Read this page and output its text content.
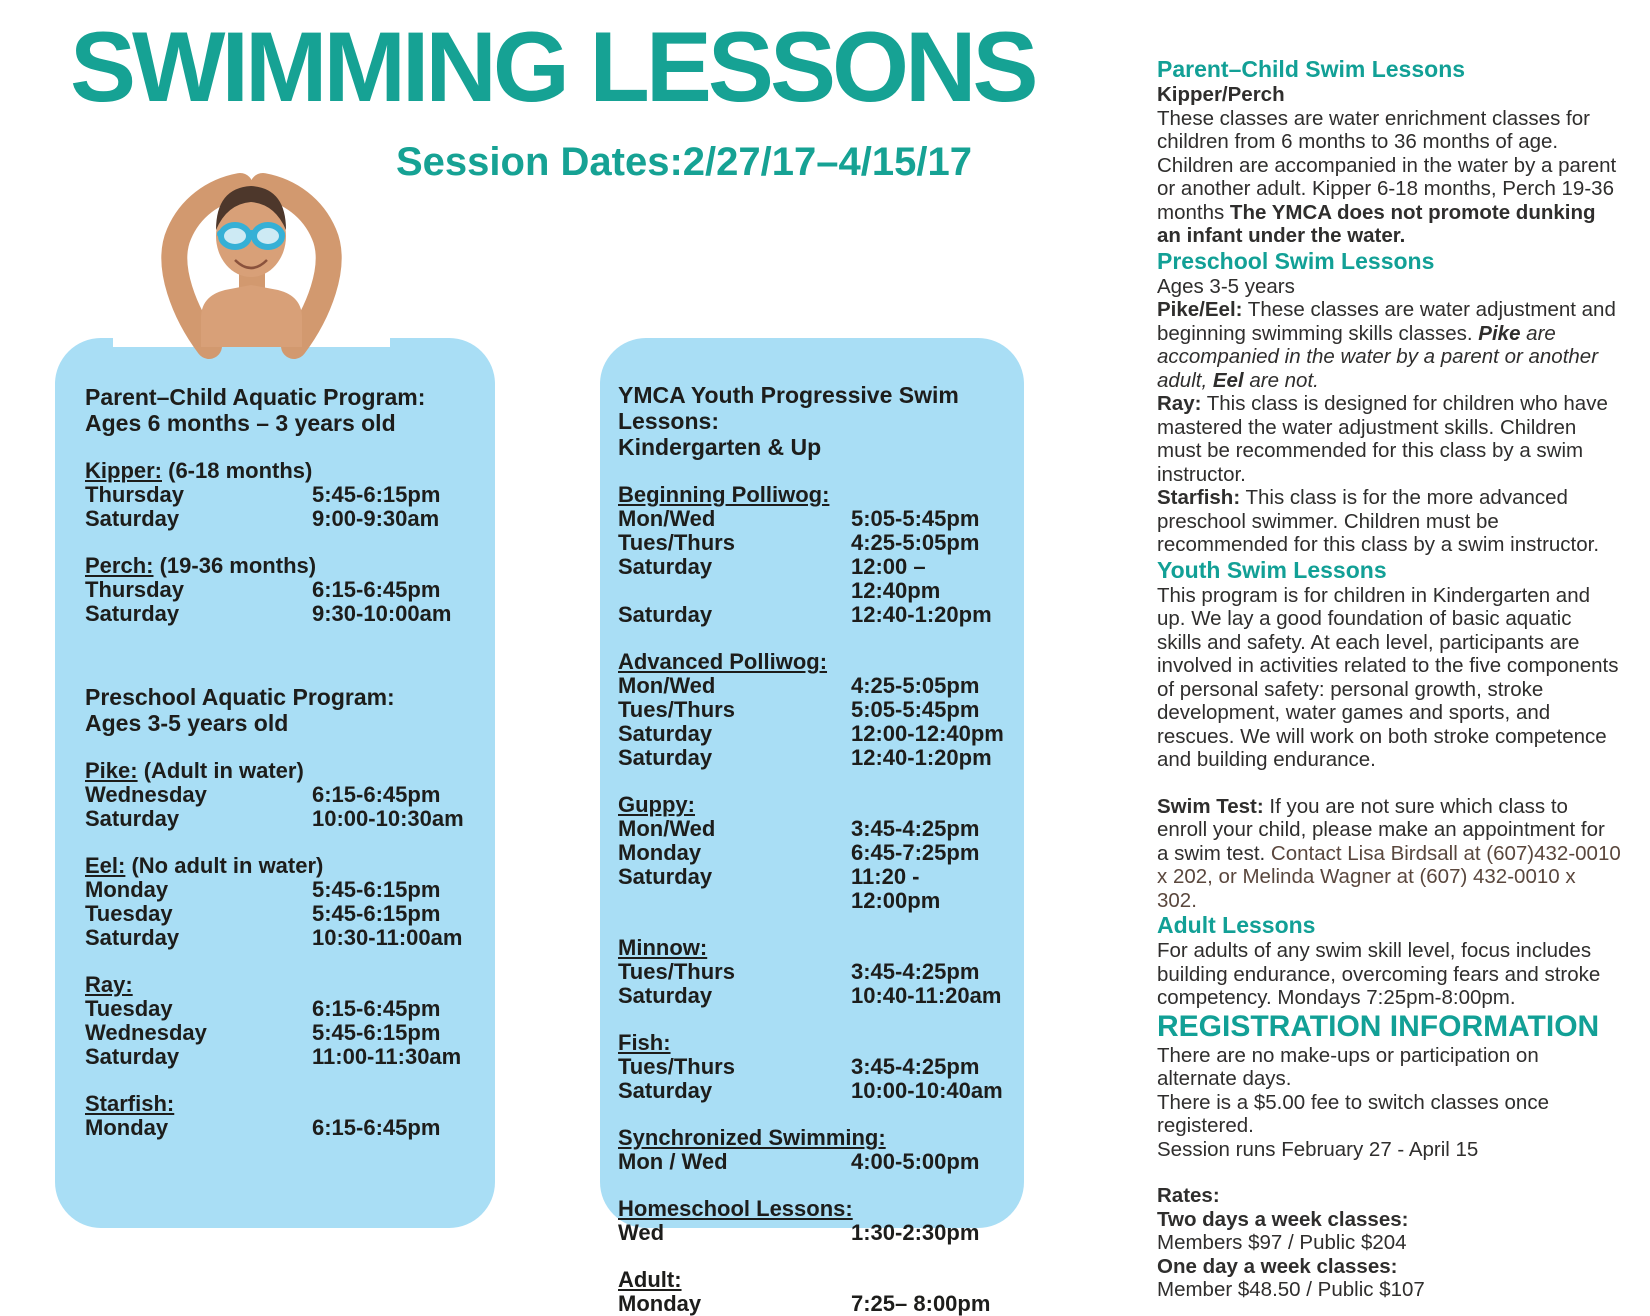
SWIMMING LESSONS
Session Dates:2/27/17–4/15/17
Parent–Child Aquatic Program:
Ages 6 months – 3 years old
Kipper: (6-18 months)
Thursday	5:45-6:15pm
Saturday	9:00-9:30am
Perch: (19-36 months)
Thursday	6:15-6:45pm
Saturday	9:30-10:00am
Preschool Aquatic Program:
Ages 3-5 years old
Pike: (Adult in water)
Wednesday	6:15-6:45pm
Saturday	10:00-10:30am
Eel: (No adult in water)
Monday	5:45-6:15pm
Tuesday	5:45-6:15pm
Saturday	10:30-11:00am
Ray:
Tuesday	6:15-6:45pm
Wednesday	5:45-6:15pm
Saturday	11:00-11:30am
Starfish:
Monday	6:15-6:45pm
YMCA Youth Progressive Swim Lessons:
Kindergarten & Up
Beginning Polliwog:
Mon/Wed	5:05-5:45pm
Tues/Thurs	4:25-5:05pm
Saturday	12:00 –12:40pm
Saturday	12:40-1:20pm
Advanced Polliwog:
Mon/Wed	4:25-5:05pm
Tues/Thurs	5:05-5:45pm
Saturday	12:00-12:40pm
Saturday	12:40-1:20pm
Guppy:
Mon/Wed	3:45-4:25pm
Monday	6:45-7:25pm
Saturday	11:20 - 12:00pm
Minnow:
Tues/Thurs	3:45-4:25pm
Saturday	10:40-11:20am
Fish:
Tues/Thurs	3:45-4:25pm
Saturday	10:00-10:40am
Synchronized Swimming:
Mon / Wed	4:00-5:00pm
Homeschool Lessons:
Wed	1:30-2:30pm
Adult:
Monday	7:25– 8:00pm

Parent–Child Swim Lessons

Kipper/Perch

These classes are water enrichment classes for children from 6 months to 36 months of age. Children are accompanied in the water by a parent or another adult. Kipper 6-18 months, Perch 19-36 months The YMCA does not promote dunking an infant under the water.

Preschool Swim Lessons

Ages 3-5 years

Pike/Eel: These classes are water adjustment and beginning swimming skills classes. Pike are accompanied in the water by a parent or another adult, Eel are not.

Ray: This class is designed for children who have mastered the water adjustment skills. Children must be recommended for this class by a swim instructor.

Starfish: This class is for the more advanced preschool swimmer. Children must be recommended for this class by a swim instructor.

Youth Swim Lessons

This program is for children in Kindergarten and up. We lay a good foundation of basic aquatic skills and safety. At each level, participants are involved in activities related to the five components of personal safety: personal growth, stroke development, water games and sports, and rescues. We will work on both stroke competence and building endurance.

Swim Test: If you are not sure which class to enroll your child, please make an appointment for a swim test. Contact Lisa Birdsall at (607)432-0010 x 202, or Melinda Wagner at (607) 432-0010 x 302.

Adult Lessons

For adults of any swim skill level, focus includes building endurance, overcoming fears and stroke competency. Mondays 7:25pm-8:00pm.

REGISTRATION INFORMATION

There are no make-ups or participation on alternate days.

There is a $5.00 fee to switch classes once registered.

Session runs February 27 - April 15

Rates:

Two days a week classes:

Members $97 / Public $204

One day a week classes:

Member $48.50 / Public $107
